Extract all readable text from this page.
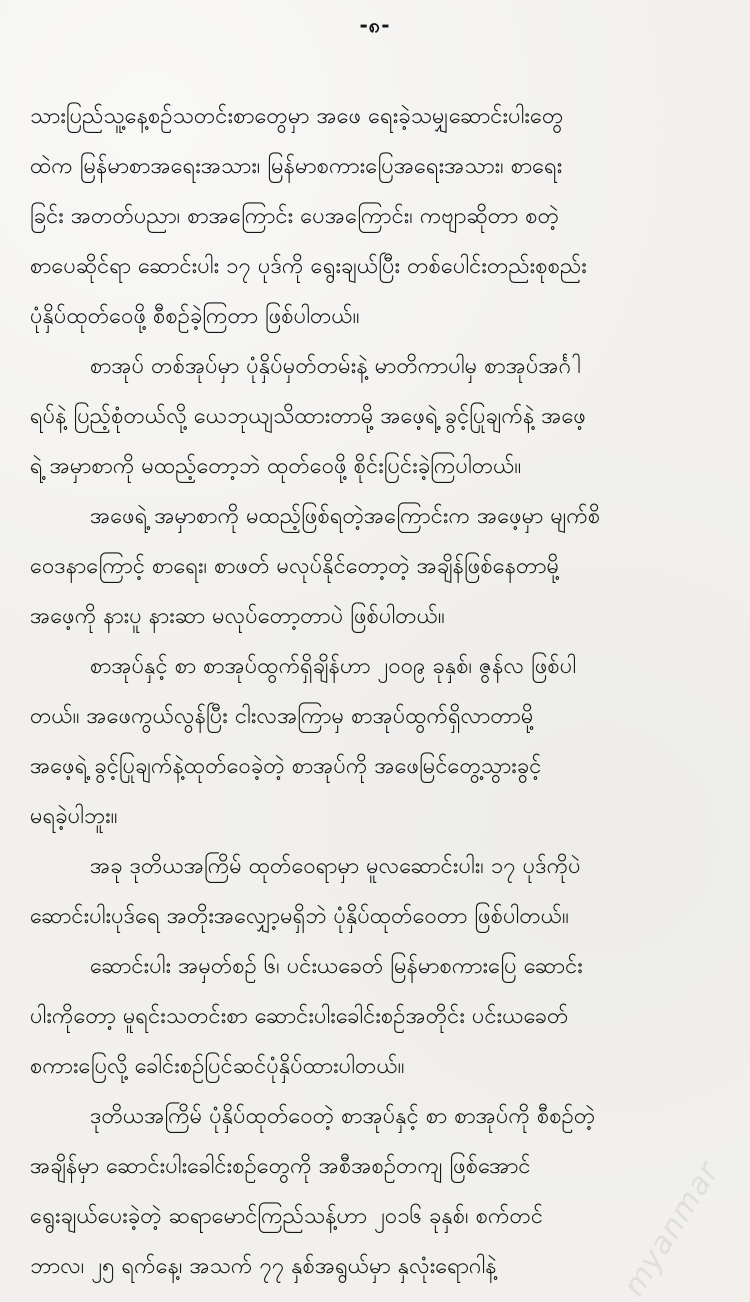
-၈-
သားပြည်သူ့နေ့စဉ်သတင်းစာတွေမှာ အဖေ ရေးခဲ့သမျှဆောင်းပါးတွေ
ထဲက မြန်မာစာအရေးအသား၊ မြန်မာစကားပြေအရေးအသား၊ စာရေး
ခြင်း အတတ်ပညာ၊ စာအကြောင်း ပေအကြောင်း၊ ကဗျာဆိုတာ စတဲ့
စာပေဆိုင်ရာ ဆောင်းပါး ၁၇ ပုဒ်ကို ရွေးချယ်ပြီး တစ်ပေါင်းတည်းစုစည်း
ပုံနှိပ်ထုတ်ဝေဖို့ စီစဉ်ခဲ့ကြတာ ဖြစ်ပါတယ်။
စာအုပ် တစ်အုပ်မှာ ပုံနှိပ်မှတ်တမ်းနဲ့ မာတိကာပါမှ စာအုပ်အင်္ဂါ
ရပ်နဲ့ ပြည့်စုံတယ်လို့ ယေဘုယျသိထားတာမို့ အဖေ့ရဲ့ ခွင့်ပြုချက်နဲ့ အဖေ့
ရဲ့ အမှာစာကို မထည့်တော့ဘဲ ထုတ်ဝေဖို့ စိုင်းပြင်းခဲ့ကြပါတယ်။
အဖေရဲ့ အမှာစာကို မထည့်ဖြစ်ရတဲ့အကြောင်းက အဖေ့မှာ မျက်စိ
ဝေဒနာကြောင့် စာရေး၊ စာဖတ် မလုပ်နိုင်တော့တဲ့ အချိန်ဖြစ်နေတာမို့
အဖေ့ကို နားပူ နားဆာ မလုပ်တော့တာပဲ ဖြစ်ပါတယ်။
စာအုပ်နှင့် စာ စာအုပ်ထွက်ရှိချိန်ဟာ ၂၀၀၉ ခုနှစ်၊ ဇွန်လ ဖြစ်ပါ
တယ်။ အဖေကွယ်လွန်ပြီး ငါးလအကြာမှ စာအုပ်ထွက်ရှိလာတာမို့
အဖေ့ရဲ့ ခွင့်ပြုချက်နဲ့ထုတ်ဝေခဲ့တဲ့ စာအုပ်ကို အဖေမြင်တွေ့သွားခွင့်
မရခဲ့ပါဘူး။
အခု ဒုတိယအကြိမ် ထုတ်ဝေရာမှာ မူလဆောင်းပါး၊ ၁၇ ပုဒ်ကိုပဲ
ဆောင်းပါးပုဒ်ရေ အတိုးအလျှော့မရှိဘဲ ပုံနှိပ်ထုတ်ဝေတာ ဖြစ်ပါတယ်။
ဆောင်းပါး အမှတ်စဉ် ၆၊ ပင်းယခေတ် မြန်မာစကားပြေ ဆောင်း
ပါးကိုတော့ မူရင်းသတင်းစာ ဆောင်းပါးခေါင်းစဉ်အတိုင်း ပင်းယခေတ်
စကားပြေလို့ ခေါင်းစဉ်ပြင်ဆင်ပုံနှိပ်ထားပါတယ်။
ဒုတိယအကြိမ် ပုံနှိပ်ထုတ်ဝေတဲ့ စာအုပ်နှင့် စာ စာအုပ်ကို စီစဉ်တဲ့
အချိန်မှာ ဆောင်းပါးခေါင်းစဉ်တွေကို အစီအစဉ်တကျ ဖြစ်အောင်
ရွေးချယ်ပေးခဲ့တဲ့ ဆရာမောင်ကြည်သန့်ဟာ ၂၀၁၆ ခုနှစ်၊ စက်တင်
ဘာလ၊ ၂၅ ရက်နေ့၊ အသက် ၇၇ နှစ်အရွယ်မှာ နှလုံးရောဂါနဲ့	myanmar
